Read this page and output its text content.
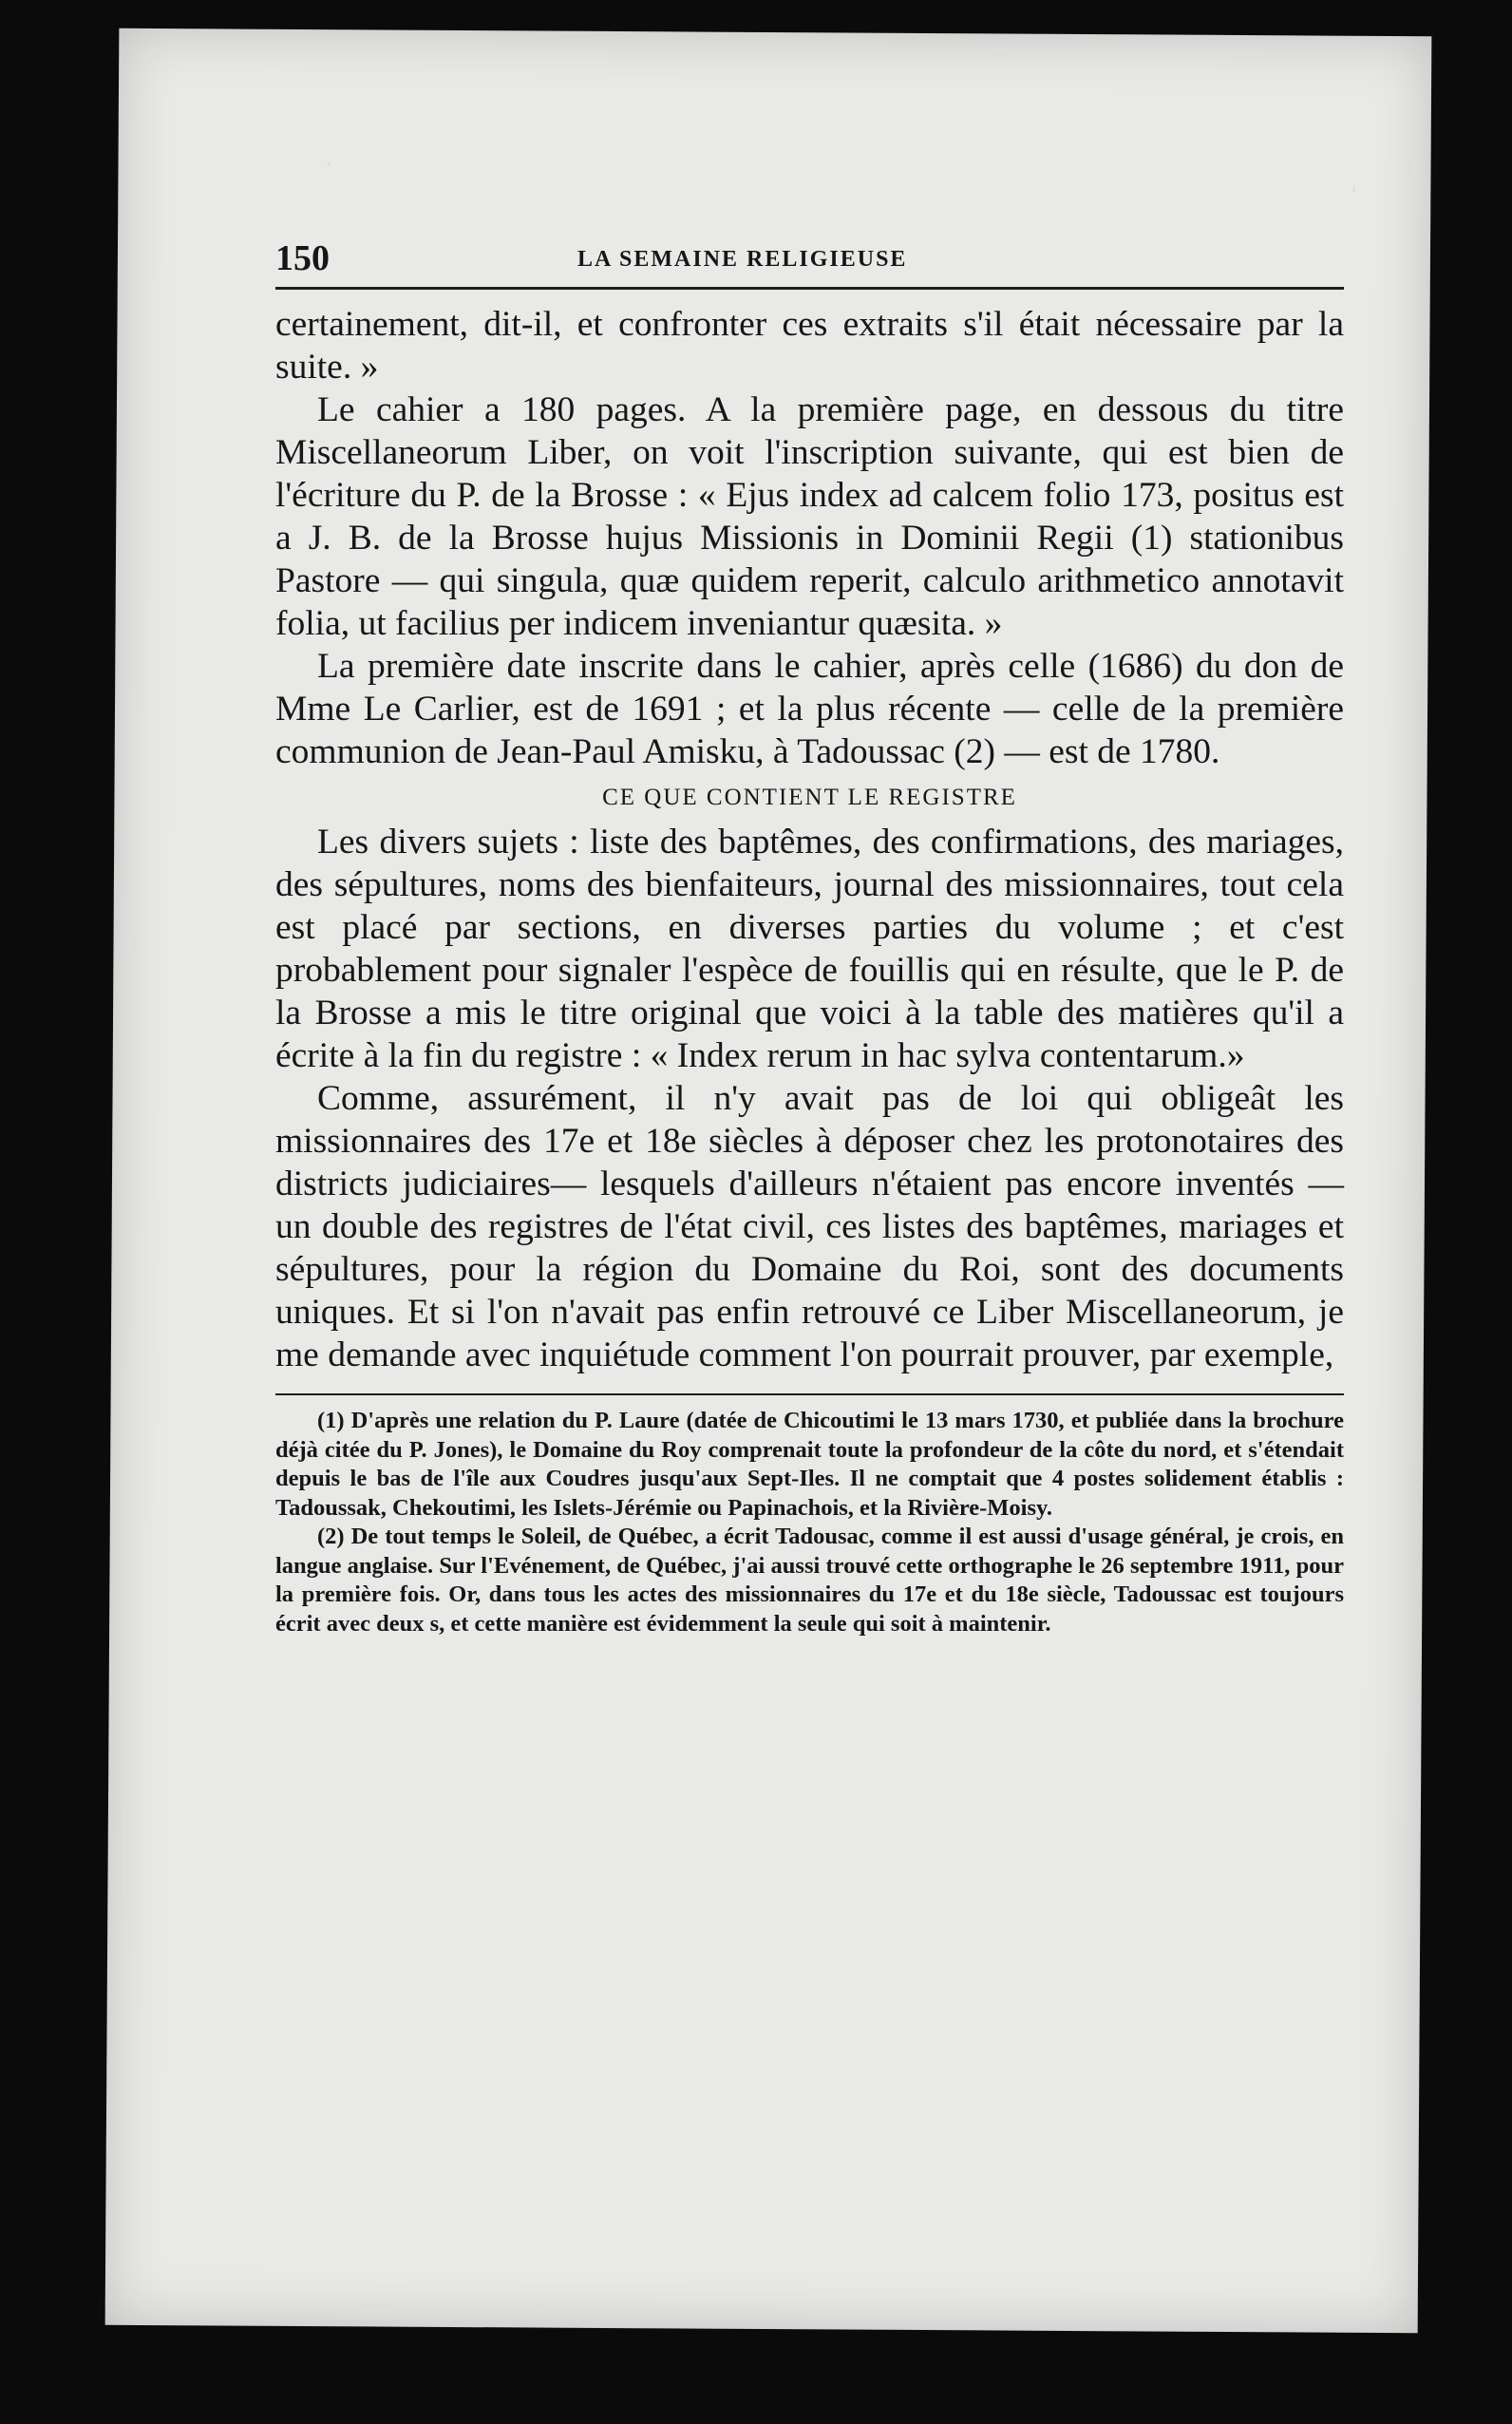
150	LA SEMAINE RELIGIEUSE

certainement, dit-il, et confronter ces extraits s'il était nécessaire par la suite. »

Le cahier a 180 pages. A la première page, en dessous du titre Miscellaneorum Liber, on voit l'inscription suivante, qui est bien de l'écriture du P. de la Brosse : « Ejus index ad calcem folio 173, positus est a J. B. de la Brosse hujus Missionis in Dominii Regii (1) stationibus Pastore — qui singula, quæ quidem reperit, calculo arithmetico annotavit folia, ut facilius per indicem inveniantur quæsita. »

La première date inscrite dans le cahier, après celle (1686) du don de Mme Le Carlier, est de 1691 ; et la plus récente — celle de la première communion de Jean-Paul Amisku, à Tadoussac (2) — est de 1780.

CE QUE CONTIENT LE REGISTRE

Les divers sujets : liste des baptêmes, des confirmations, des mariages, des sépultures, noms des bienfaiteurs, journal des missionnaires, tout cela est placé par sections, en diverses parties du volume ; et c'est probablement pour signaler l'espèce de fouillis qui en résulte, que le P. de la Brosse a mis le titre original que voici à la table des matières qu'il a écrite à la fin du registre : « Index rerum in hac sylva contentarum.»

Comme, assurément, il n'y avait pas de loi qui obligeât les missionnaires des 17e et 18e siècles à déposer chez les protonotaires des districts judiciaires— lesquels d'ailleurs n'étaient pas encore inventés — un double des registres de l'état civil, ces listes des baptêmes, mariages et sépultures, pour la région du Domaine du Roi, sont des documents uniques. Et si l'on n'avait pas enfin retrouvé ce Liber Miscellaneorum, je me demande avec inquiétude comment l'on pourrait prouver, par exemple,

(1) D'après une relation du P. Laure (datée de Chicoutimi le 13 mars 1730, et publiée dans la brochure déjà citée du P. Jones), le Domaine du Roy comprenait toute la profondeur de la côte du nord, et s'étendait depuis le bas de l'île aux Coudres jusqu'aux Sept-Iles. Il ne comptait que 4 postes solidement établis : Tadoussak, Chekoutimi, les Islets-Jérémie ou Papinachois, et la Rivière-Moisy.

(2) De tout temps le Soleil, de Québec, a écrit Tadousac, comme il est aussi d'usage général, je crois, en langue anglaise. Sur l'Evénement, de Québec, j'ai aussi trouvé cette orthographe le 26 septembre 1911, pour la première fois. Or, dans tous les actes des missionnaires du 17e et du 18e siècle, Tadoussac est toujours écrit avec deux s, et cette manière est évidemment la seule qui soit à maintenir.
